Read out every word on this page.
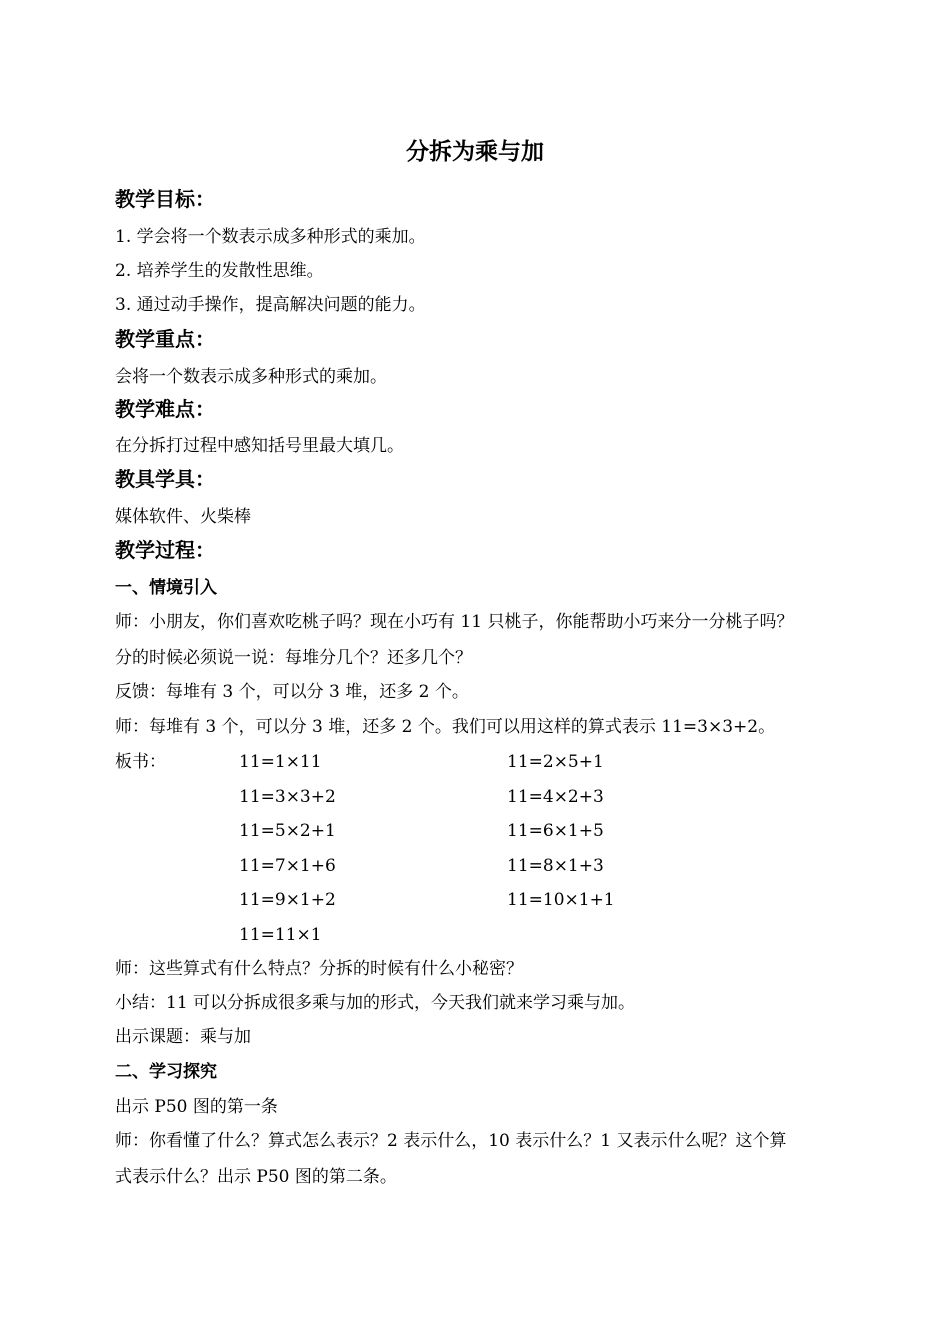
分拆为乘与加
教学目标：
1. 学会将一个数表示成多种形式的乘加。
2. 培养学生的发散性思维。
3. 通过动手操作，提高解决问题的能力。
教学重点：
会将一个数表示成多种形式的乘加。
教学难点：
在分拆打过程中感知括号里最大填几。
教具学具：
媒体软件、火柴棒
教学过程：
一、情境引入
师：小朋友，你们喜欢吃桃子吗？现在小巧有 11 只桃子，你能帮助小巧来分一分桃子吗？
分的时候必须说一说：每堆分几个？还多几个？
反馈：每堆有 3 个，可以分 3 堆，还多 2 个。
师：每堆有 3 个，可以分 3 堆，还多 2 个。我们可以用这样的算式表示 11=3×3+2。
板书：	11=1×11
11=3×3+2
11=5×2+1
11=7×1+6
11=9×1+2
11=11×1
11=2×5+1
11=4×2+3
11=6×1+5
11=8×1+3
11=10×1+1
师：这些算式有什么特点？分拆的时候有什么小秘密？
小结：11 可以分拆成很多乘与加的形式，今天我们就来学习乘与加。
出示课题：乘与加
二、学习探究
出示 P50 图的第一条
师：你看懂了什么？算式怎么表示？2 表示什么，10 表示什么？1 又表示什么呢？这个算
式表示什么？出示 P50 图的第二条。
